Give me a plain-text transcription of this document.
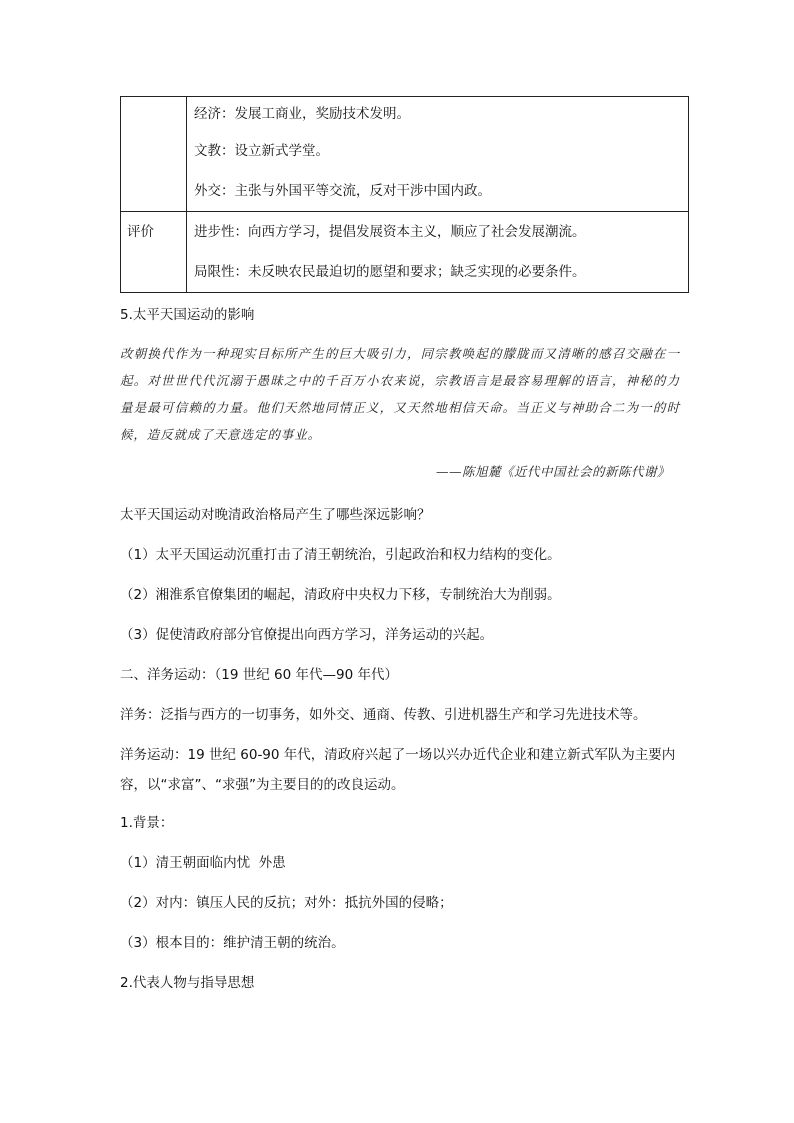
经济：发展工商业，奖励技术发明。
文教：设立新式学堂。
外交：主张与外国平等交流，反对干涉中国内政。

评价	进步性：向西方学习，提倡发展资本主义，顺应了社会发展潮流。
局限性：未反映农民最迫切的愿望和要求；缺乏实现的必要条件。
5.太平天国运动的影响
改朝换代作为一种现实目标所产生的巨大吸引力，同宗教唤起的朦胧而又清晰的感召交融在一起。对世世代代沉溺于愚昧之中的千百万小农来说，宗教语言是最容易理解的语言，神秘的力量是最可信赖的力量。他们天然地同情正义，又天然地相信天命。当正义与神助合二为一的时候，造反就成了天意选定的事业。
——陈旭麓《近代中国社会的新陈代谢》
太平天国运动对晚清政治格局产生了哪些深远影响？
（1）太平天国运动沉重打击了清王朝统治，引起政治和权力结构的变化。
（2）湘淮系官僚集团的崛起，清政府中央权力下移，专制统治大为削弱。
（3）促使清政府部分官僚提出向西方学习，洋务运动的兴起。
二、洋务运动：（19 世纪 60 年代—90 年代）
洋务：泛指与西方的一切事务，如外交、通商、传教、引进机器生产和学习先进技术等。
洋务运动：19 世纪 60-90 年代，清政府兴起了一场以兴办近代企业和建立新式军队为主要内容，以“求富”、“求强”为主要目的的改良运动。
1.背景：
（1）清王朝面临内忧  外患
（2）对内：镇压人民的反抗；对外：抵抗外国的侵略；
（3）根本目的：维护清王朝的统治。
2.代表人物与指导思想
